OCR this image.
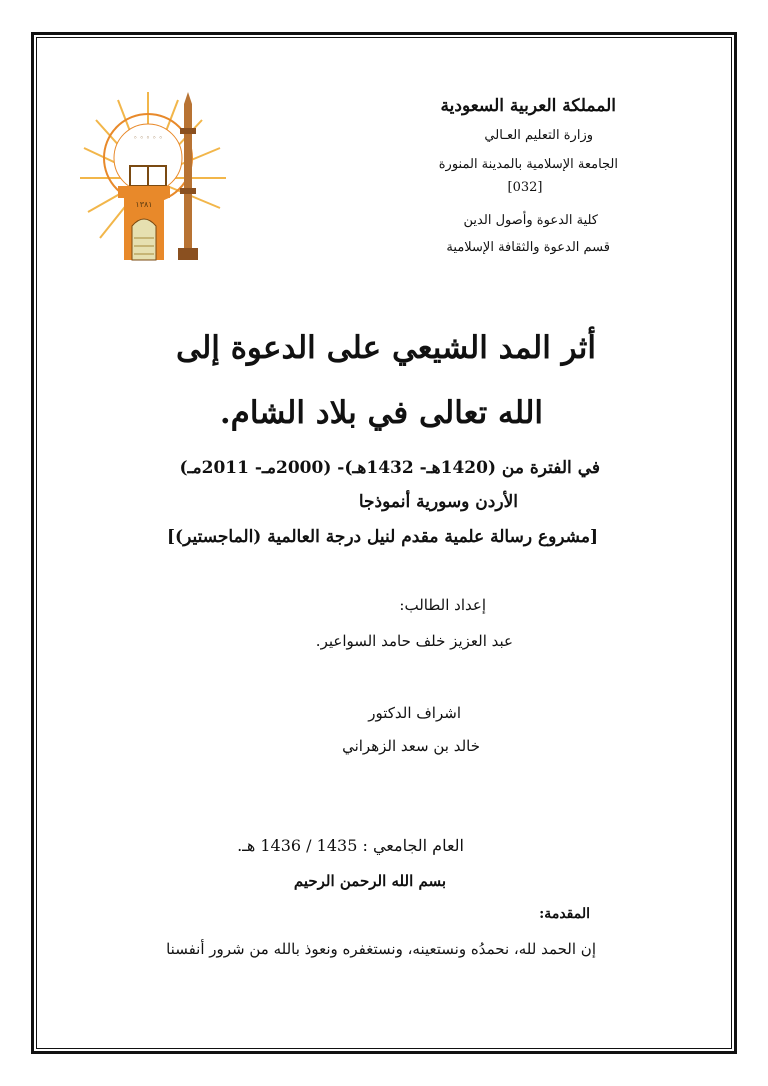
◦ ◦ ◦ ◦ ◦
١٣٨١
المملكة العربية السعودية
وزارة التعليم العـالي
الجامعة الإسلامية بالمدينة المنورة
[032]
كلية الدعوة وأصول الدين
قسم الدعوة والثقافة الإسلامية
أثر المد الشيعي على الدعوة إلى
الله تعالى في بلاد الشام.
في الفترة من (1420هـ- 1432هـ)- (2000مـ- 2011مـ)
الأردن وسورية أنموذجا
[مشروع رسالة علمية مقدم لنيل درجة العالمية (الماجستير)]
إعداد الطالب:
عبد العزيز خلف حامد السواعير.
اشراف الدكتور
خالد بن سعد الزهراني
العام الجامعي : 1435 / 1436 هـ.
بسم الله الرحمن الرحيم
المقدمة:
إن الحمد لله، نحمدُه ونستعينه، ونستغفره ونعوذ بالله من شرور أنفسنا
